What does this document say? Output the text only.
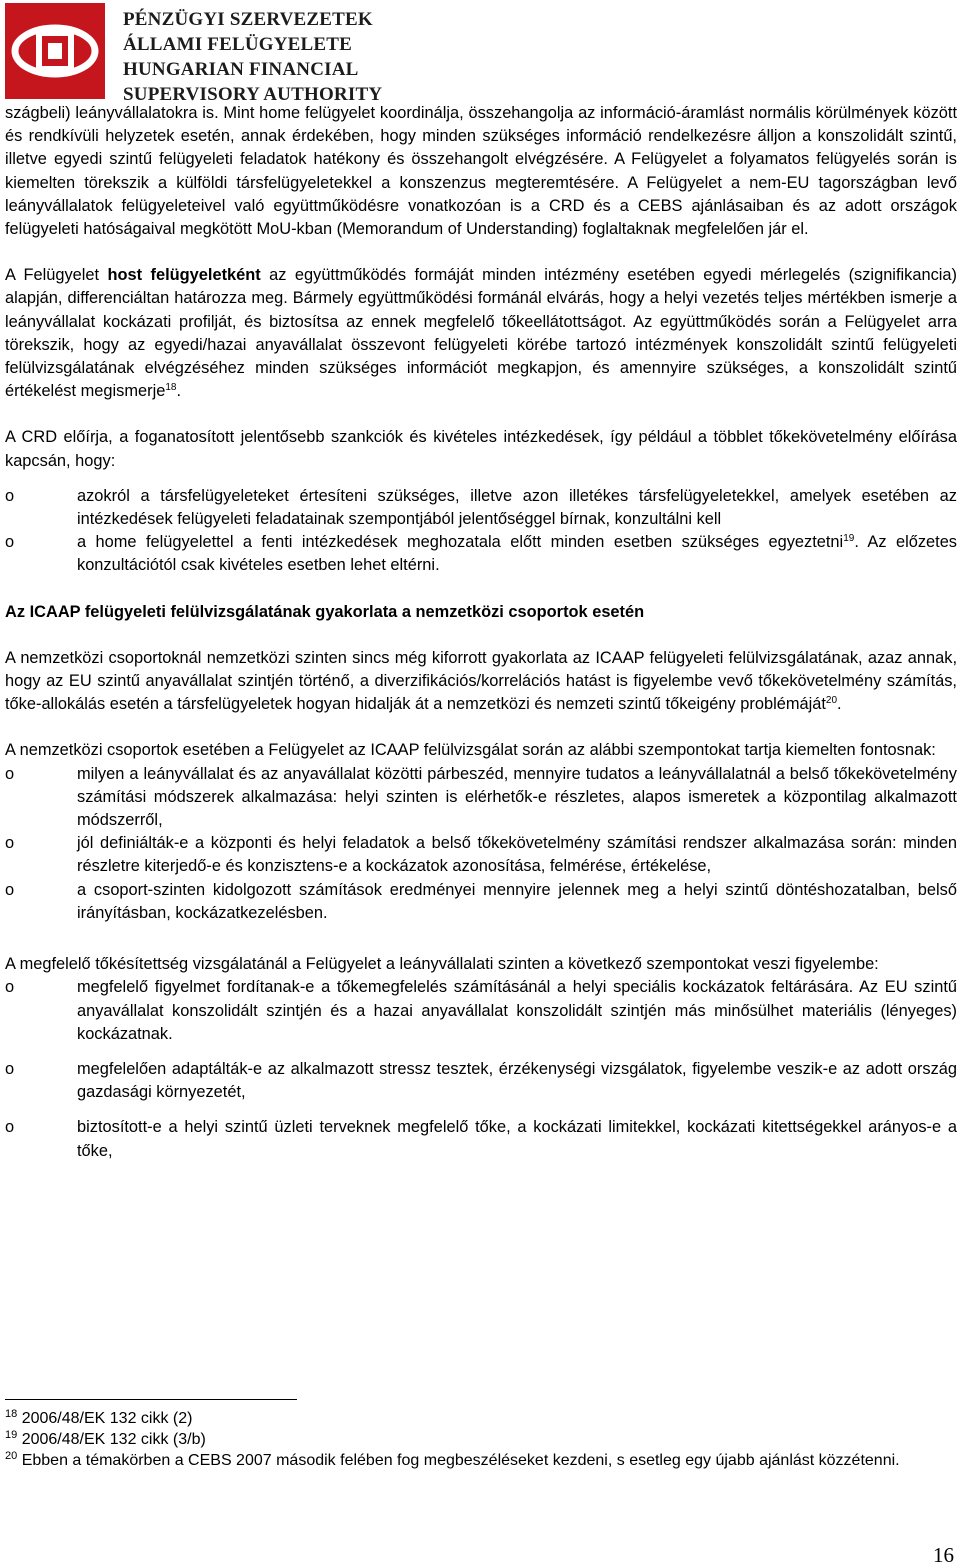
PÉNZÜGYI SZERVEZETEK
ÁLLAMI FELÜGYELETE
HUNGARIAN FINANCIAL
SUPERVISORY AUTHORITY

szágbeli) leányvállalatokra is. Mint home felügyelet koordinálja, összehangolja az információ-áramlást normális körülmények között és rendkívüli helyzetek esetén, annak érdekében, hogy minden szükséges információ rendelkezésre álljon a konszolidált szintű, illetve egyedi szintű felügyeleti feladatok hatékony és összehangolt elvégzésére. A Felügyelet a folyamatos felügyelés során is kiemelten törekszik a külföldi társfelügyeletekkel a konszenzus megteremtésére. A Felügyelet a nem-EU tagországban levő leányvállalatok felügyeleteivel való együttműködésre vonatkozóan is a CRD és a CEBS ajánlásaiban és az adott országok felügyeleti hatóságaival megkötött MoU-kban (Memorandum of Understanding) foglaltaknak megfelelően jár el.

A Felügyelet host felügyeletként az együttműködés formáját minden intézmény esetében egyedi mérlegelés (szignifikancia) alapján, differenciáltan határozza meg. Bármely együttműködési formánál elvárás, hogy a helyi vezetés teljes mértékben ismerje a leányvállalat kockázati profilját, és biztosítsa az ennek megfelelő tőkeellátottságot. Az együttműködés során a Felügyelet arra törekszik, hogy az egyedi/hazai anyavállalat összevont felügyeleti körébe tartozó intézmények konszolidált szintű felügyeleti felülvizsgálatának elvégzéséhez minden szükséges információt megkapjon, és amennyire szükséges, a konszolidált szintű értékelést megismerje$^{18}$.

A CRD előírja, a foganatosított jelentősebb szankciók és kivételes intézkedések, így például a többlet tőkekövetelmény előírása kapcsán, hogy:

o	azokról a társfelügyeleteket értesíteni szükséges, illetve azon illetékes társfelügyeletekkel, amelyek esetében az intézkedések felügyeleti feladatainak szempontjából jelentőséggel bírnak, konzultálni kell
o	a home felügyelettel a fenti intézkedések meghozatala előtt minden esetben szükséges egyeztetni$^{19}$. Az előzetes konzultációtól csak kivételes esetben lehet eltérni.

Az ICAAP felügyeleti felülvizsgálatának gyakorlata a nemzetközi csoportok esetén

A nemzetközi csoportoknál nemzetközi szinten sincs még kiforrott gyakorlata az ICAAP felügyeleti felülvizsgálatának, azaz annak, hogy az EU szintű anyavállalat szintjén történő, a diverzifikációs/korrelációs hatást is figyelembe vevő tőkekövetelmény számítás, tőke-allokálás esetén a társfelügyeletek hogyan hidalják át a nemzetközi és nemzeti szintű tőkeigény problémáját$^{20}$.

A nemzetközi csoportok esetében a Felügyelet az ICAAP felülvizsgálat során az alábbi szempontokat tartja kiemelten fontosnak:

o	milyen a leányvállalat és az anyavállalat közötti párbeszéd, mennyire tudatos a leányvállalatnál a belső tőkekövetelmény számítási módszerek alkalmazása: helyi szinten is elérhetők-e részletes, alapos ismeretek a központilag alkalmazott módszerről,
o	jól definiálták-e a központi és helyi feladatok a belső tőkekövetelmény számítási rendszer alkalmazása során: minden részletre kiterjedő-e és konzisztens-e a kockázatok azonosítása, felmérése, értékelése,
o	a csoport-szinten kidolgozott számítások eredményei mennyire jelennek meg a helyi szintű döntéshozatalban, belső irányításban, kockázatkezelésben.

A megfelelő tőkésítettség vizsgálatánál a Felügyelet a leányvállalati szinten a következő szempontokat veszi figyelembe:

o	megfelelő figyelmet fordítanak-e a tőkemegfelelés számításánál a helyi speciális kockázatok feltárására. Az EU szintű anyavállalat konszolidált szintjén és a hazai anyavállalat konszolidált szintjén más minősülhet materiális (lényeges) kockázatnak.
o	megfelelően adaptálták-e az alkalmazott stressz tesztek, érzékenységi vizsgálatok, figyelembe veszik-e az adott ország gazdasági környezetét,
o	biztosított-e a helyi szintű üzleti terveknek megfelelő tőke, a kockázati limitekkel, kockázati kitettségekkel arányos-e a tőke,
$^{18}$ 2006/48/EK 132 cikk (2)
$^{19}$ 2006/48/EK 132 cikk (3/b)
$^{20}$ Ebben a témakörben a CEBS 2007 második felében fog megbeszéléseket kezdeni, s esetleg egy újabb ajánlást közzétenni.
16
